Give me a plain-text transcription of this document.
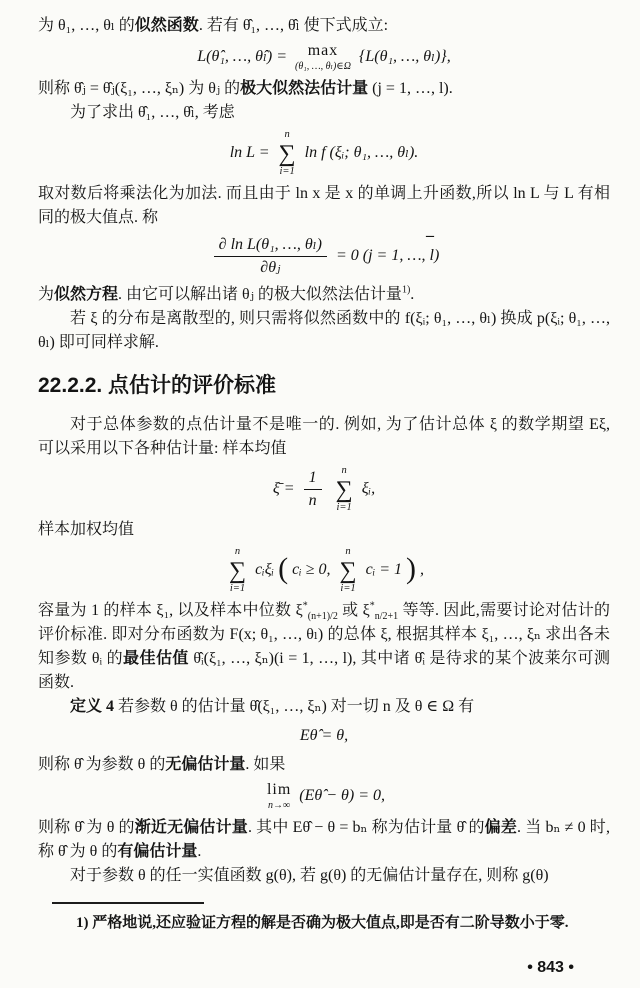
为 θ₁, …, θₗ 的似然函数. 若有 θ̂₁, …, θ̂ₗ 使下式成立:

L(θ̂₁, …, θ̂ₗ) = max
(θ₁, …, θₗ)∈Ω
{L(θ₁, …, θₗ)},

则称 θ̂ⱼ = θ̂ⱼ(ξ₁, …, ξₙ) 为 θⱼ 的极大似然法估计量 (j = 1, …, l).

为了求出 θ̂₁, …, θ̂ₗ, 考虑

ln L =
n
∑
i=1
ln f (ξᵢ; θ₁, …, θₗ).

取对数后将乘法化为加法. 而且由于 ln x 是 x 的单调上升函数,所以 ln L 与 L 有相同的极大值点. 称

–
$\frac{\text{∂ ln L(θ₁, …, θₗ)}}{\text{∂θⱼ}} = 0$ (j = 1, …, l)

为似然方程. 由它可以解出诸 θⱼ 的极大似然法估计量$^{1)}$.

若 ξ 的分布是离散型的, 则只需将似然函数中的 f(ξᵢ; θ₁, …, θₗ) 换成 p(ξᵢ; θ₁, …, θₗ) 即可同样求解.

22.2.2. 点估计的评价标准

对于总体参数的点估计量不是唯一的. 例如, 为了估计总体 ξ 的数学期望 Eξ, 可以采用以下各种估计量: 样本均值

ξ̄ = $\frac{1}{n}$
n
∑
i=1
ξᵢ,

样本加权均值

n
∑
i=1
cᵢξᵢ ( cᵢ ≥ 0,
n
∑
i=1
cᵢ = 1 ) ,

容量为 1 的样本 ξ₁, 以及样本中位数 $\xi^*_{(n+1)/2}$ 或 $\xi^*_{n/2+1}$ 等等. 因此,需要讨论对估计的评价标准. 即对分布函数为 F(x; θ₁, …, θₗ) 的总体 ξ, 根据其样本 ξ₁, …, ξₙ 求出各未知参数 θᵢ 的最佳估值 θ̂ᵢ(ξ₁, …, ξₙ)(i = 1, …, l), 其中诸 θ̂ᵢ 是待求的某个波莱尔可测函数.

定义 4 若参数 θ 的估计量 θ̂(ξ₁, …, ξₙ) 对一切 n 及 θ ∈ Ω 有

Eθ̂ = θ,

则称 θ̂ 为参数 θ 的无偏估计量. 如果

lim
n→∞
(Eθ̂ − θ) = 0,

则称 θ̂ 为 θ 的渐近无偏估计量. 其中 Eθ̂ − θ = bₙ 称为估计量 θ̂ 的偏差. 当 bₙ ≠ 0 时,称 θ̂ 为 θ 的有偏估计量.

对于参数 θ 的任一实值函数 g(θ), 若 g(θ) 的无偏估计量存在, 则称 g(θ)

1) 严格地说,还应验证方程的解是否确为极大值点,即是否有二阶导数小于零.

• 843 •
